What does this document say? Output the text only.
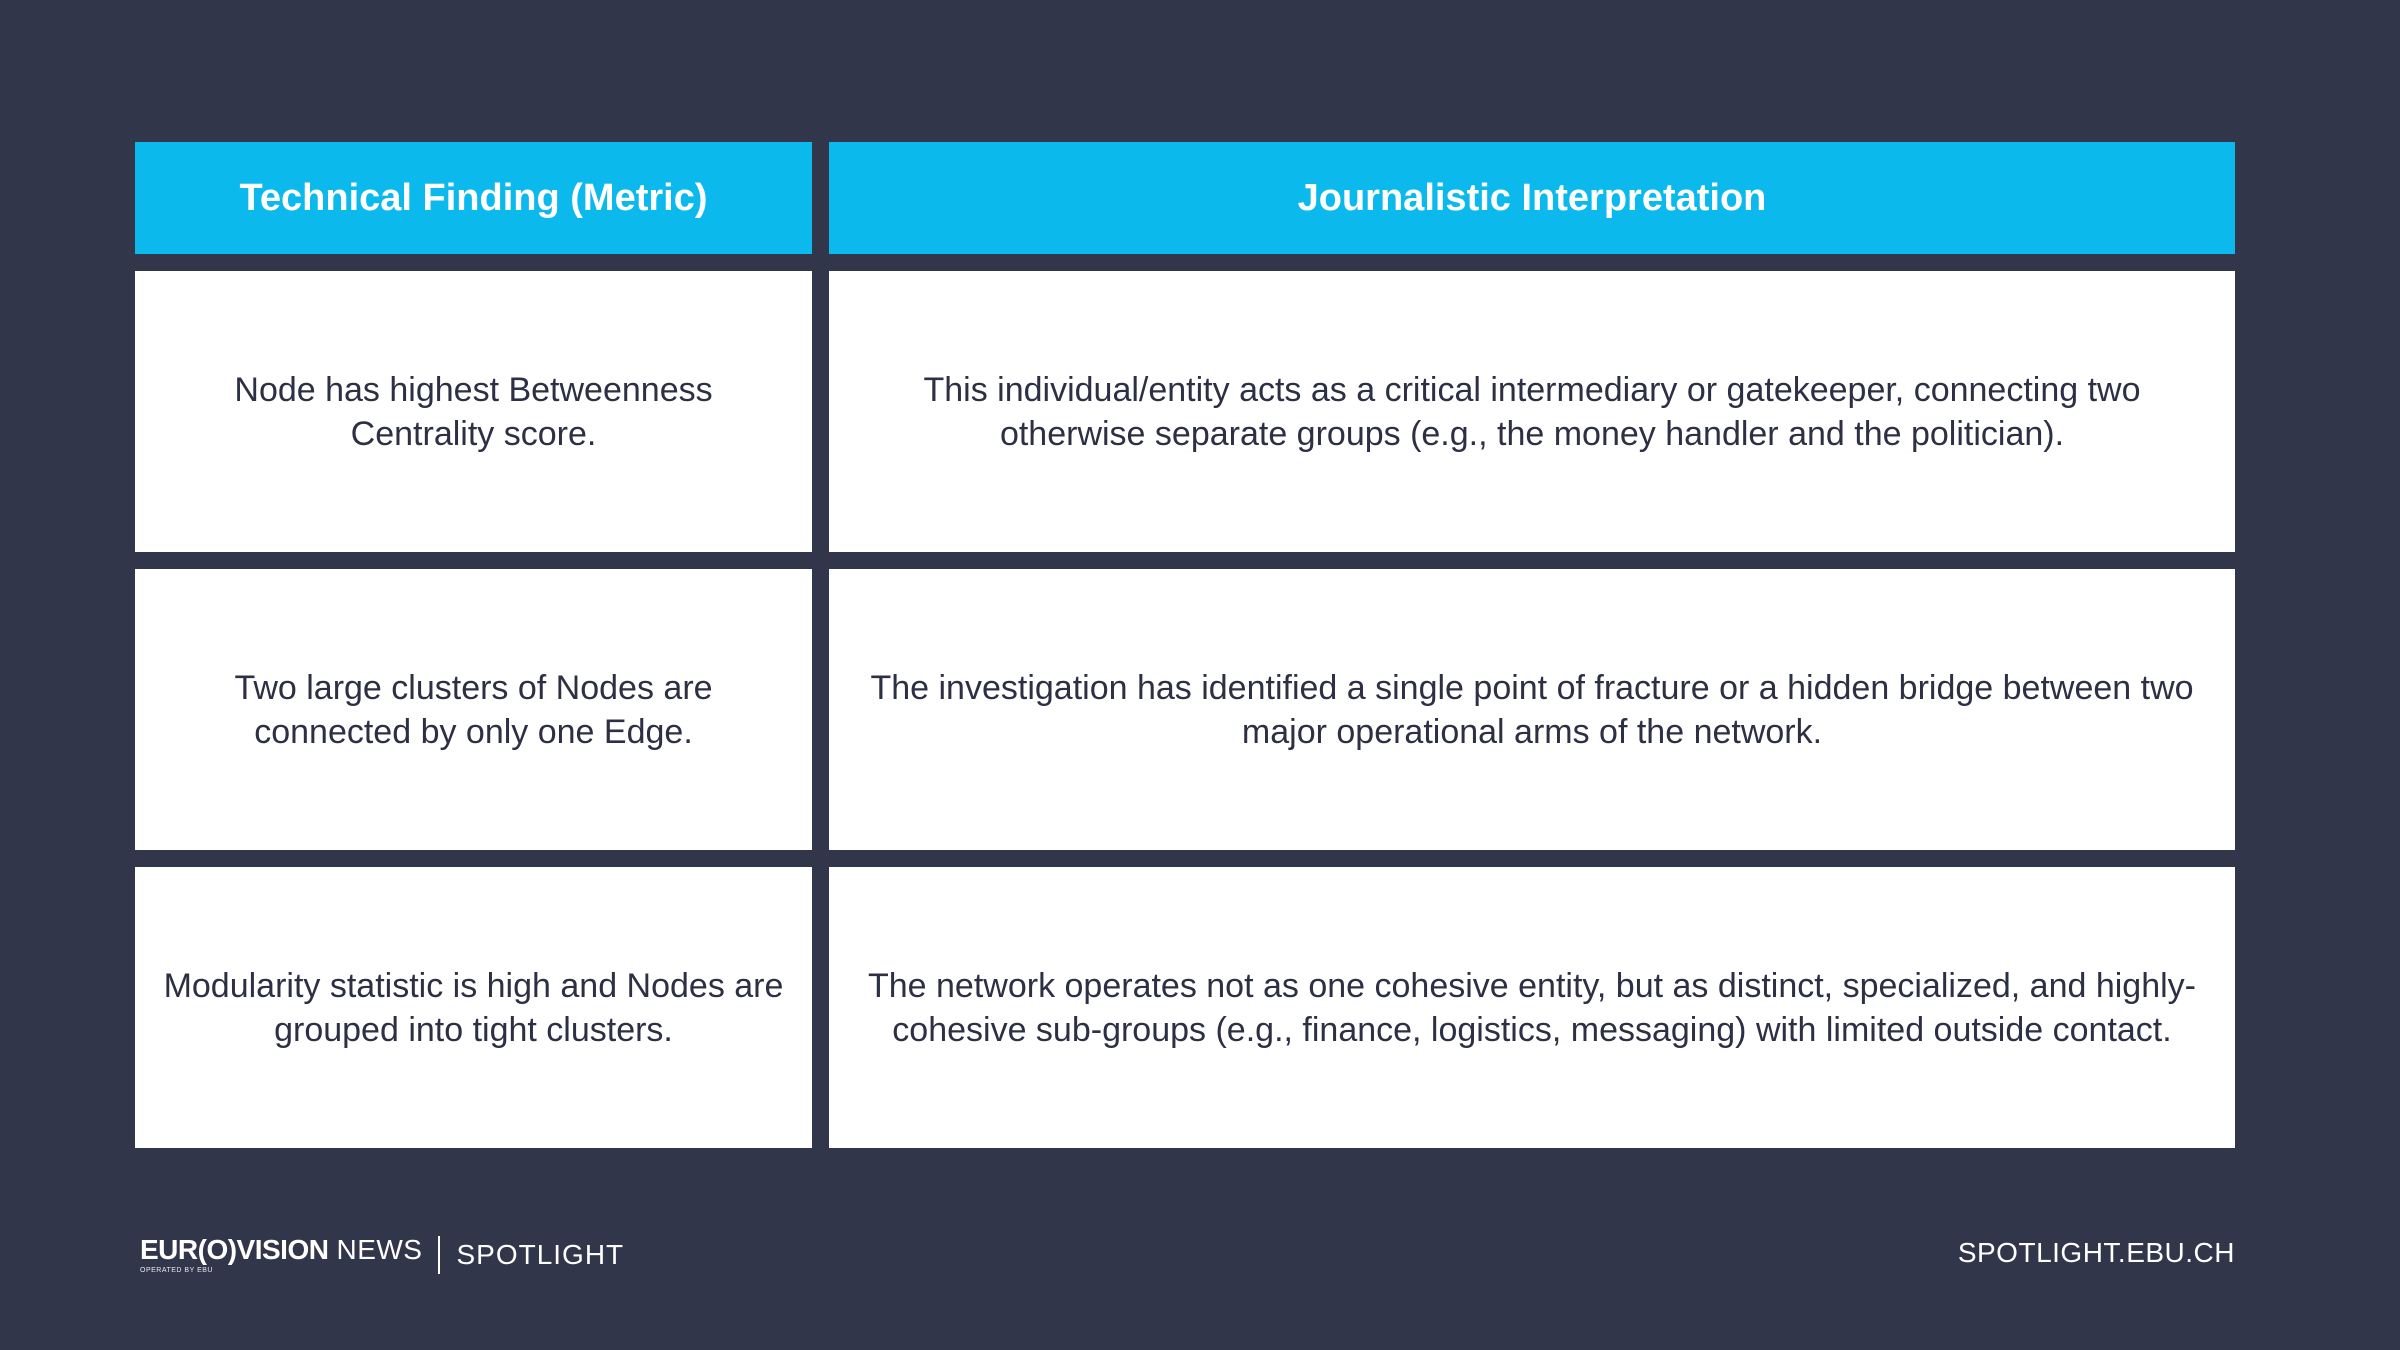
Technical Finding (Metric)	Journalistic Interpretation
Node has highest Betweenness Centrality score.
This individual/entity acts as a critical intermediary or gatekeeper, connecting two otherwise separate groups (e.g., the money handler and the politician).
Two large clusters of Nodes are connected by only one Edge.
The investigation has identified a single point of fracture or a hidden bridge between two major operational arms of the network.
Modularity statistic is high and Nodes are grouped into tight clusters.
The network operates not as one cohesive entity, but as distinct, specialized, and highly-cohesive sub-groups (e.g., finance, logistics, messaging) with limited outside contact.
EUR(O)VISION NEWS
OPERATED BY EBU
SPOTLIGHT	SPOTLIGHT.EBU.CH
